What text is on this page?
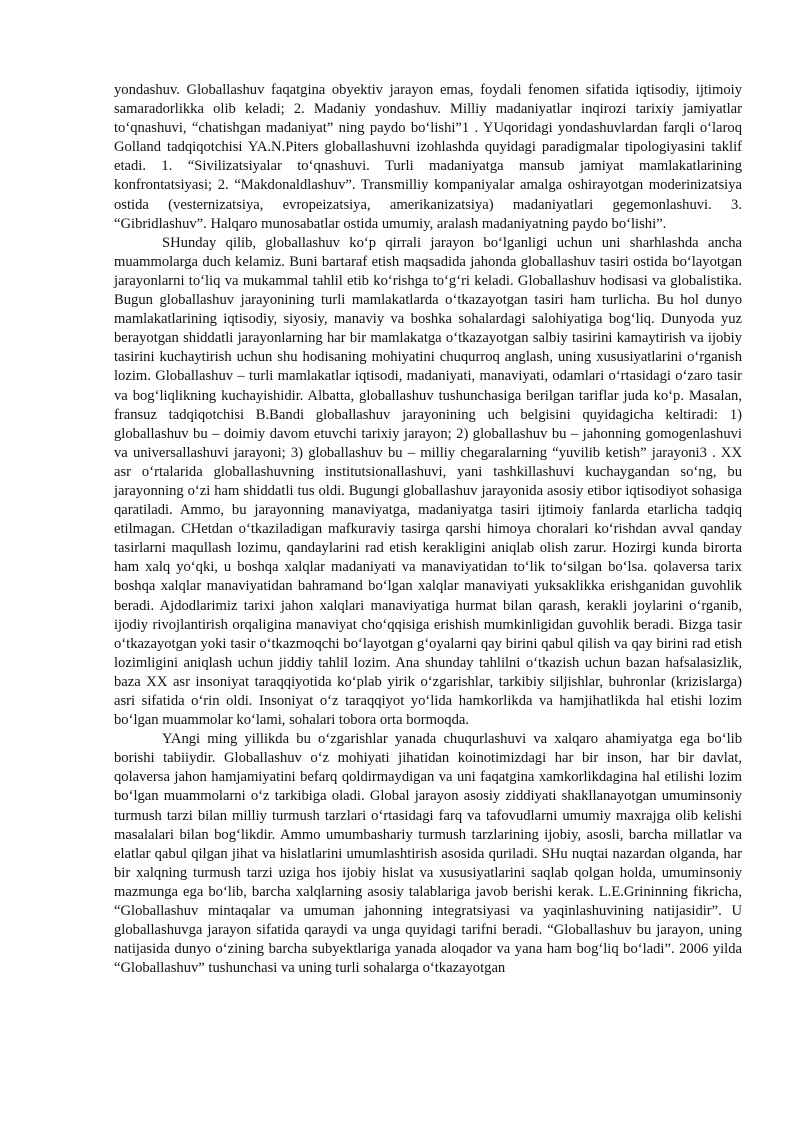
yondashuv. Globallashuv faqatgina obyektiv jarayon emas, foydali fenomen sifatida iqtisodiy, ijtimoiy samaradorlikka olib keladi; 2. Madaniy yondashuv. Milliy madaniyatlar inqirozi tarixiy jamiyatlar to‘qnashuvi, “chatishgan madaniyat” ning paydo bo‘lishi”1 . YUqoridagi yondashuvlardan farqli o‘laroq Golland tadqiqotchisi YA.N.Piters globallashuvni izohlashda quyidagi paradigmalar tipologiyasini taklif etadi. 1. “Sivilizatsiyalar to‘qnashuvi. Turli madaniyatga mansub jamiyat mamlakatlarining konfrontatsiyasi; 2. “Makdonaldlashuv”. Transmilliy kompaniyalar amalga oshirayotgan moderinizatsiya ostida (vesternizatsiya, evropeizatsiya, amerikanizatsiya) madaniyatlari gegemonlashuvi. 3. “Gibridlashuv”. Halqaro munosabatlar ostida umumiy, aralash madaniyatning paydo bo‘lishi”.

SHunday qilib, globallashuv ko‘p qirrali jarayon bo‘lganligi uchun uni sharhlashda ancha muammolarga duch kelamiz. Buni bartaraf etish maqsadida jahonda globallashuv tasiri ostida bo‘layotgan jarayonlarni to‘liq va mukammal tahlil etib ko‘rishga to‘g‘ri keladi. Globallashuv hodisasi va globalistika. Bugun globallashuv jarayonining turli mamlakatlarda o‘tkazayotgan tasiri ham turlicha. Bu hol dunyo mamlakatlarining iqtisodiy, siyosiy, manaviy va boshka sohalardagi salohiyatiga bog‘liq. Dunyoda yuz berayotgan shiddatli jarayonlarning har bir mamlakatga o‘tkazayotgan salbiy tasirini kamaytirish va ijobiy tasirini kuchaytirish uchun shu hodisaning mohiyatini chuqurroq anglash, uning xususiyatlarini o‘rganish lozim. Globallashuv – turli mamlakatlar iqtisodi, madaniyati, manaviyati, odamlari o‘rtasidagi o‘zaro tasir va bog‘liqlikning kuchayishidir. Albatta, globallashuv tushunchasiga berilgan tariflar juda ko‘p. Masalan, fransuz tadqiqotchisi B.Bandi globallashuv jarayonining uch belgisini quyidagicha keltiradi: 1) globallashuv bu – doimiy davom etuvchi tarixiy jarayon; 2) globallashuv bu – jahonning gomogenlashuvi va universallashuvi jarayoni; 3) globallashuv bu – milliy chegaralarning “yuvilib ketish” jarayoni3 . XX asr o‘rtalarida globallashuvning institutsionallashuvi, yani tashkillashuvi kuchaygandan so‘ng, bu jarayonning o‘zi ham shiddatli tus oldi. Bugungi globallashuv jarayonida asosiy etibor iqtisodiyot sohasiga qaratiladi. Ammo, bu jarayonning manaviyatga, madaniyatga tasiri ijtimoiy fanlarda etarlicha tadqiq etilmagan. CHetdan o‘tkaziladigan mafkuraviy tasirga qarshi himoya choralari ko‘rishdan avval qanday tasirlarni maqullash lozimu, qandaylarini rad etish kerakligini aniqlab olish zarur. Hozirgi kunda birorta ham xalq yo‘qki, u boshqa xalqlar madaniyati va manaviyatidan to‘lik to‘silgan bo‘lsa. qolaversa tarix boshqa xalqlar manaviyatidan bahramand bo‘lgan xalqlar manaviyati yuksaklikka erishganidan guvohlik beradi. Ajdodlarimiz tarixi jahon xalqlari manaviyatiga hurmat bilan qarash, kerakli joylarini o‘rganib, ijodiy rivojlantirish orqaligina manaviyat cho‘qqisiga erishish mumkinligidan guvohlik beradi. Bizga tasir o‘tkazayotgan yoki tasir o‘tkazmoqchi bo‘layotgan g‘oyalarni qay birini qabul qilish va qay birini rad etish lozimligini aniqlash uchun jiddiy tahlil lozim. Ana shunday tahlilni o‘tkazish uchun bazan hafsalasizlik, baza XX asr insoniyat taraqqiyotida ko‘plab yirik o‘zgarishlar, tarkibiy siljishlar, buhronlar (krizislarga) asri sifatida o‘rin oldi. Insoniyat o‘z taraqqiyot yo‘lida hamkorlikda va hamjihatlikda hal etishi lozim bo‘lgan muammolar ko‘lami, sohalari tobora orta bormoqda.

YAngi ming yillikda bu o‘zgarishlar yanada chuqurlashuvi va xalqaro ahamiyatga ega bo‘lib borishi tabiiydir. Globallashuv o‘z mohiyati jihatidan koinotimizdagi har bir inson, har bir davlat, qolaversa jahon hamjamiyatini befarq qoldirmaydigan va uni faqatgina xamkorlikdagina hal etilishi lozim bo‘lgan muammolarni o‘z tarkibiga oladi. Global jarayon asosiy ziddiyati shakllanayotgan umuminsoniy turmush tarzi bilan milliy turmush tarzlari o‘rtasidagi farq va tafovudlarni umumiy maxrajga olib kelishi masalalari bilan bog‘likdir. Ammo umumbashariy turmush tarzlarining ijobiy, asosli, barcha millatlar va elatlar qabul qilgan jihat va hislatlarini umumlashtirish asosida quriladi. SHu nuqtai nazardan olganda, har bir xalqning turmush tarzi uziga hos ijobiy hislat va xususiyatlarini saqlab qolgan holda, umuminsoniy mazmunga ega bo‘lib, barcha xalqlarning asosiy talablariga javob berishi kerak. L.E.Grininning fikricha, “Globallashuv mintaqalar va umuman jahonning integratsiyasi va yaqinlashuvining natijasidir”. U globallashuvga jarayon sifatida qaraydi va unga quyidagi tarifni beradi. “Globallashuv bu jarayon, uning natijasida dunyo o‘zining barcha subyektlariga yanada aloqador va yana ham bog‘liq bo‘ladi”. 2006 yilda “Globallashuv” tushunchasi va uning turli sohalarga o‘tkazayotgan
